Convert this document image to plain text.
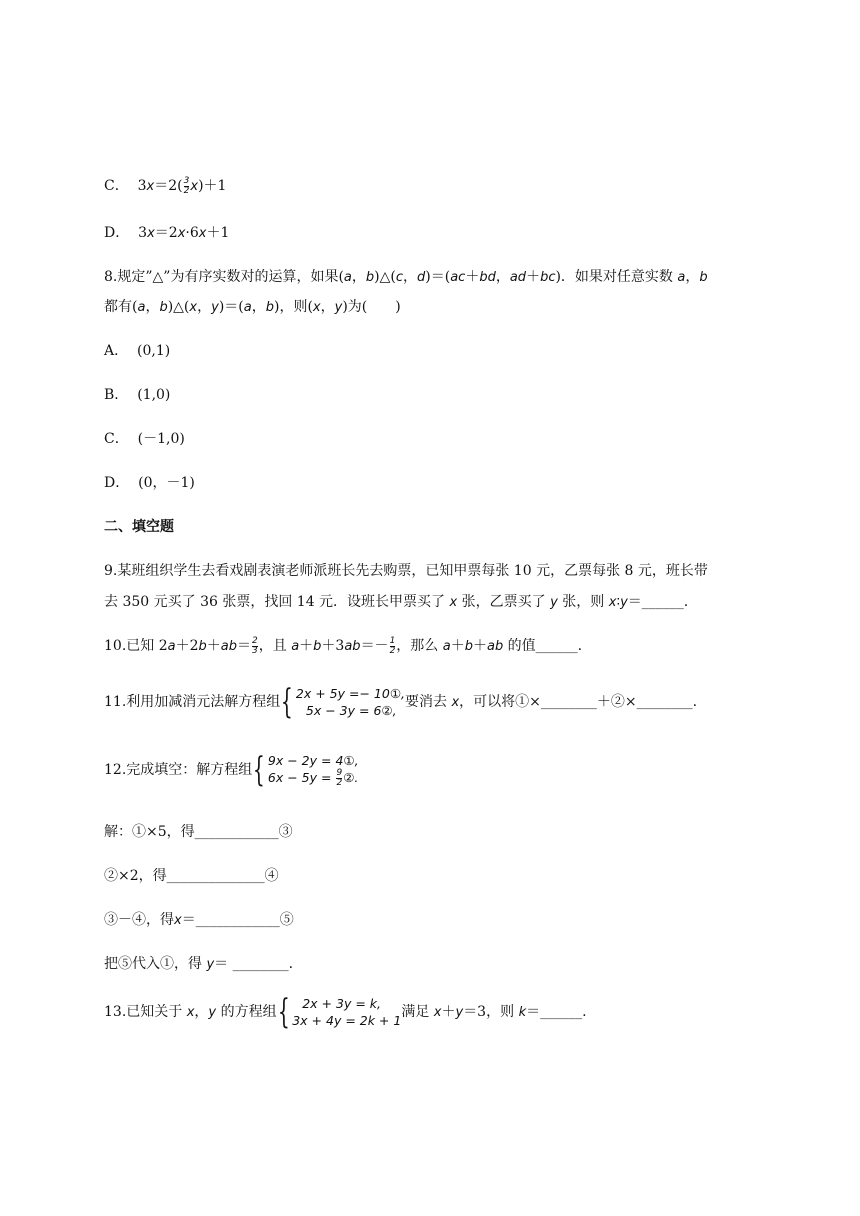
C． $3x=2( \frac{3}{2} x)+1$
D． 3x＝2x·6x＋1
8.规定”△”为有序实数对的运算，如果(a，b)△(c，d)＝(ac＋bd，ad＋bc)．如果对任意实数 a，b
都有(a，b)△(x，y)＝(a，b)，则(x，y)为(　　)
A． (0,1)
B． (1,0)
C． (－1,0)
D． (0，－1)
二、填空题
9.某班组织学生去看戏剧表演老师派班长先去购票，已知甲票每张 10 元，乙票每张 8 元，班长带
去 350 元买了 36 张票，找回 14 元．设班长甲票买了 x 张，乙票买了 y 张，则 x∶y＝______.
10.已知 $2a+2b+ab= \frac{2}{3}$ ，且 $a+b+3ab=- \frac{1}{2}$ ，那么 a＋b＋ab 的值______.
11.利用加减消元法解方程组 { 2x + 5y =− 10①,
5x − 3y = 6②,
要消去 x，可以将①×________＋②×________.
12.完成填空：解方程组 { 9x − 2y = 4①,
$6x - 5y = \frac{9}{2}$ ②.
解：①×5，得____________③
②×2，得______________④
③－④，得x＝____________⑤
把⑤代入①，得 y＝ ________.
13.已知关于 x，y 的方程组 {	2x + 3y = k,
3x + 4y = 2k + 1
满足 x＋y＝3，则 k＝______.
